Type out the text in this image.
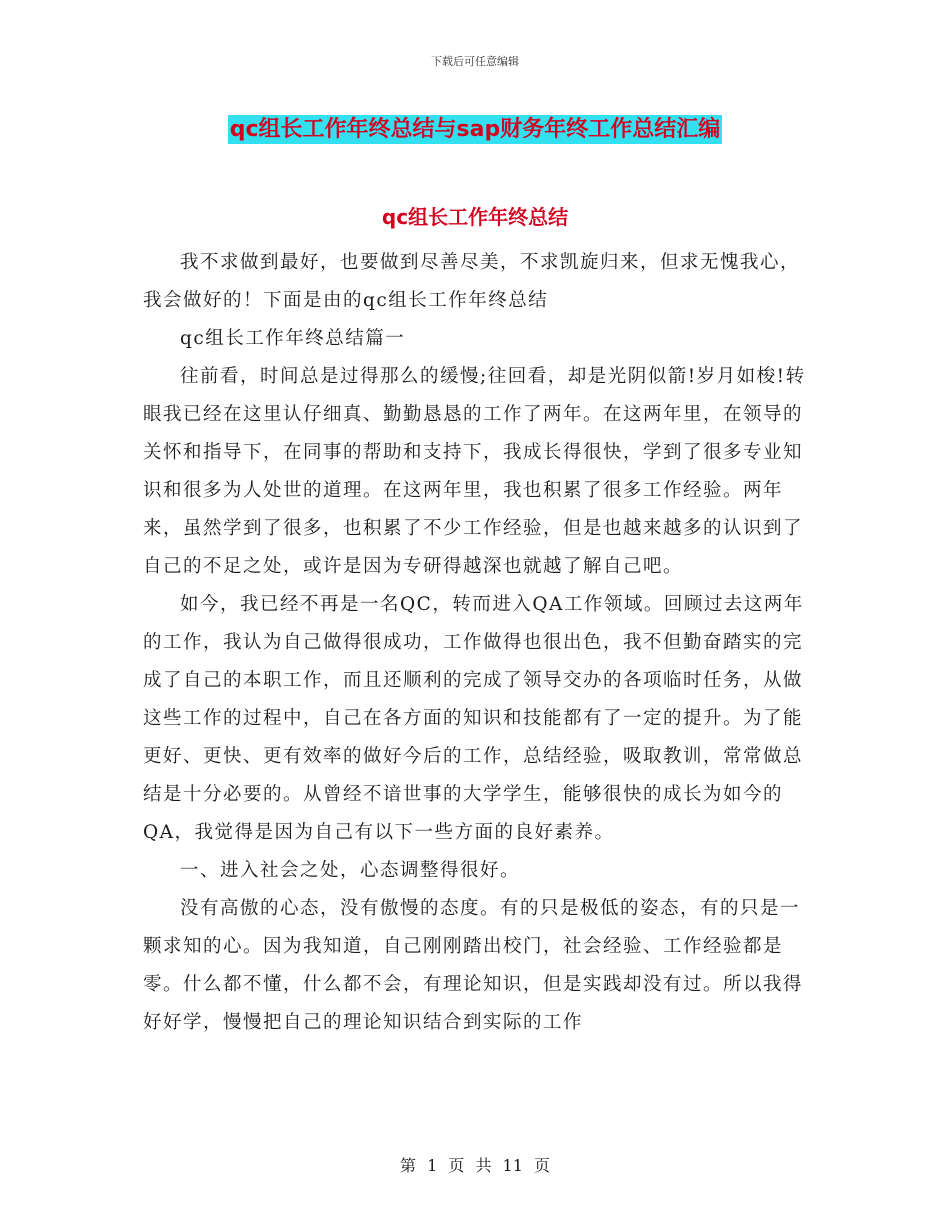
下载后可任意编辑
qc组长工作年终总结与sap财务年终工作总结汇编
qc组长工作年终总结

我不求做到最好，也要做到尽善尽美，不求凯旋归来，但求无愧我心，我会做好的！下面是由的qc组长工作年终总结

qc组长工作年终总结篇一

往前看，时间总是过得那么的缓慢;往回看，却是光阴似箭!岁月如梭!转眼我已经在这里认仔细真、勤勤恳恳的工作了两年。在这两年里，在领导的关怀和指导下，在同事的帮助和支持下，我成长得很快，学到了很多专业知识和很多为人处世的道理。在这两年里，我也积累了很多工作经验。两年来，虽然学到了很多，也积累了不少工作经验，但是也越来越多的认识到了自己的不足之处，或许是因为专研得越深也就越了解自己吧。

如今，我已经不再是一名QC，转而进入QA工作领域。回顾过去这两年的工作，我认为自己做得很成功，工作做得也很出色，我不但勤奋踏实的完成了自己的本职工作，而且还顺利的完成了领导交办的各项临时任务，从做这些工作的过程中，自己在各方面的知识和技能都有了一定的提升。为了能更好、更快、更有效率的做好今后的工作，总结经验，吸取教训，常常做总结是十分必要的。从曾经不谙世事的大学学生，能够很快的成长为如今的QA，我觉得是因为自己有以下一些方面的良好素养。

一、进入社会之处，心态调整得很好。

没有高傲的心态，没有傲慢的态度。有的只是极低的姿态，有的只是一颗求知的心。因为我知道，自己刚刚踏出校门，社会经验、工作经验都是零。什么都不懂，什么都不会，有理论知识，但是实践却没有过。所以我得好好学，慢慢把自己的理论知识结合到实际的工作

第 1 页 共 11 页
